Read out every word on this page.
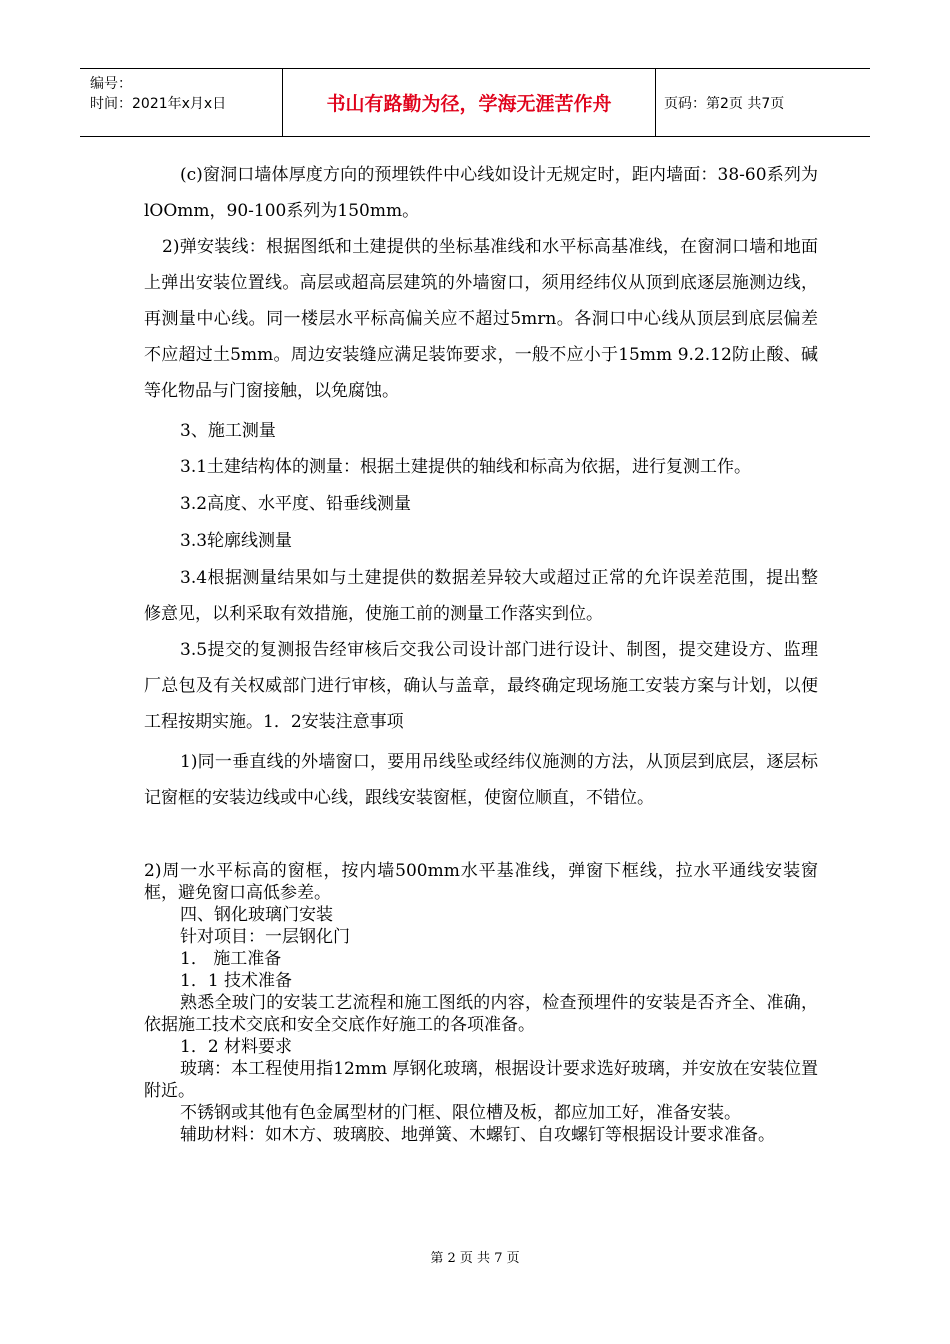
编号：
时间：2021年x月x日	书山有路勤为径，学海无涯苦作舟	页码：第2页 共7页

(c)窗洞口墙体厚度方向的预埋铁件中心线如设计无规定时，距内墙面：38-60系列为lOOmm，90-100系列为150mm。

2)弹安装线：根据图纸和土建提供的坐标基准线和水平标高基准线，在窗洞口墙和地面上弹出安装位置线。高层或超高层建筑的外墙窗口，须用经纬仪从顶到底逐层施测边线，再测量中心线。同一楼层水平标高偏关应不超过5mrn。各洞口中心线从顶层到底层偏差不应超过土5mm。周边安装缝应满足装饰要求，一般不应小于15mm 9.2.12防止酸、碱等化物品与门窗接触，以免腐蚀。

3、施工测量

3.1土建结构体的测量：根据土建提供的轴线和标高为依据，进行复测工作。

3.2高度、水平度、铅垂线测量

3.3轮廓线测量

3.4根据测量结果如与土建提供的数据差异较大或超过正常的允许误差范围，提出整修意见，以利采取有效措施，使施工前的测量工作落实到位。

3.5提交的复测报告经审核后交我公司设计部门进行设计、制图，提交建设方、监理厂总包及有关权威部门进行审核，确认与盖章，最终确定现场施工安装方案与计划，以便工程按期实施。1．2安装注意事项

1)同一垂直线的外墙窗口，要用吊线坠或经纬仪施测的方法，从顶层到底层，逐层标记窗框的安装边线或中心线，跟线安装窗框，使窗位顺直，不错位。

2)周一水平标高的窗框，按内墙500mm水平基准线，弹窗下框线，拉水平通线安装窗框，避免窗口高低参差。

四、钢化玻璃门安装

针对项目：一层钢化门

1． 施工准备

1．1 技术准备

熟悉全玻门的安装工艺流程和施工图纸的内容，检查预埋件的安装是否齐全、准确，依据施工技术交底和安全交底作好施工的各项准备。

1．2 材料要求

玻璃：本工程使用指12mm 厚钢化玻璃，根据设计要求选好玻璃，并安放在安装位置附近。

不锈钢或其他有色金属型材的门框、限位槽及板，都应加工好，准备安装。

辅助材料：如木方、玻璃胶、地弹簧、木螺钉、自攻螺钉等根据设计要求准备。

第 2 页 共 7 页
